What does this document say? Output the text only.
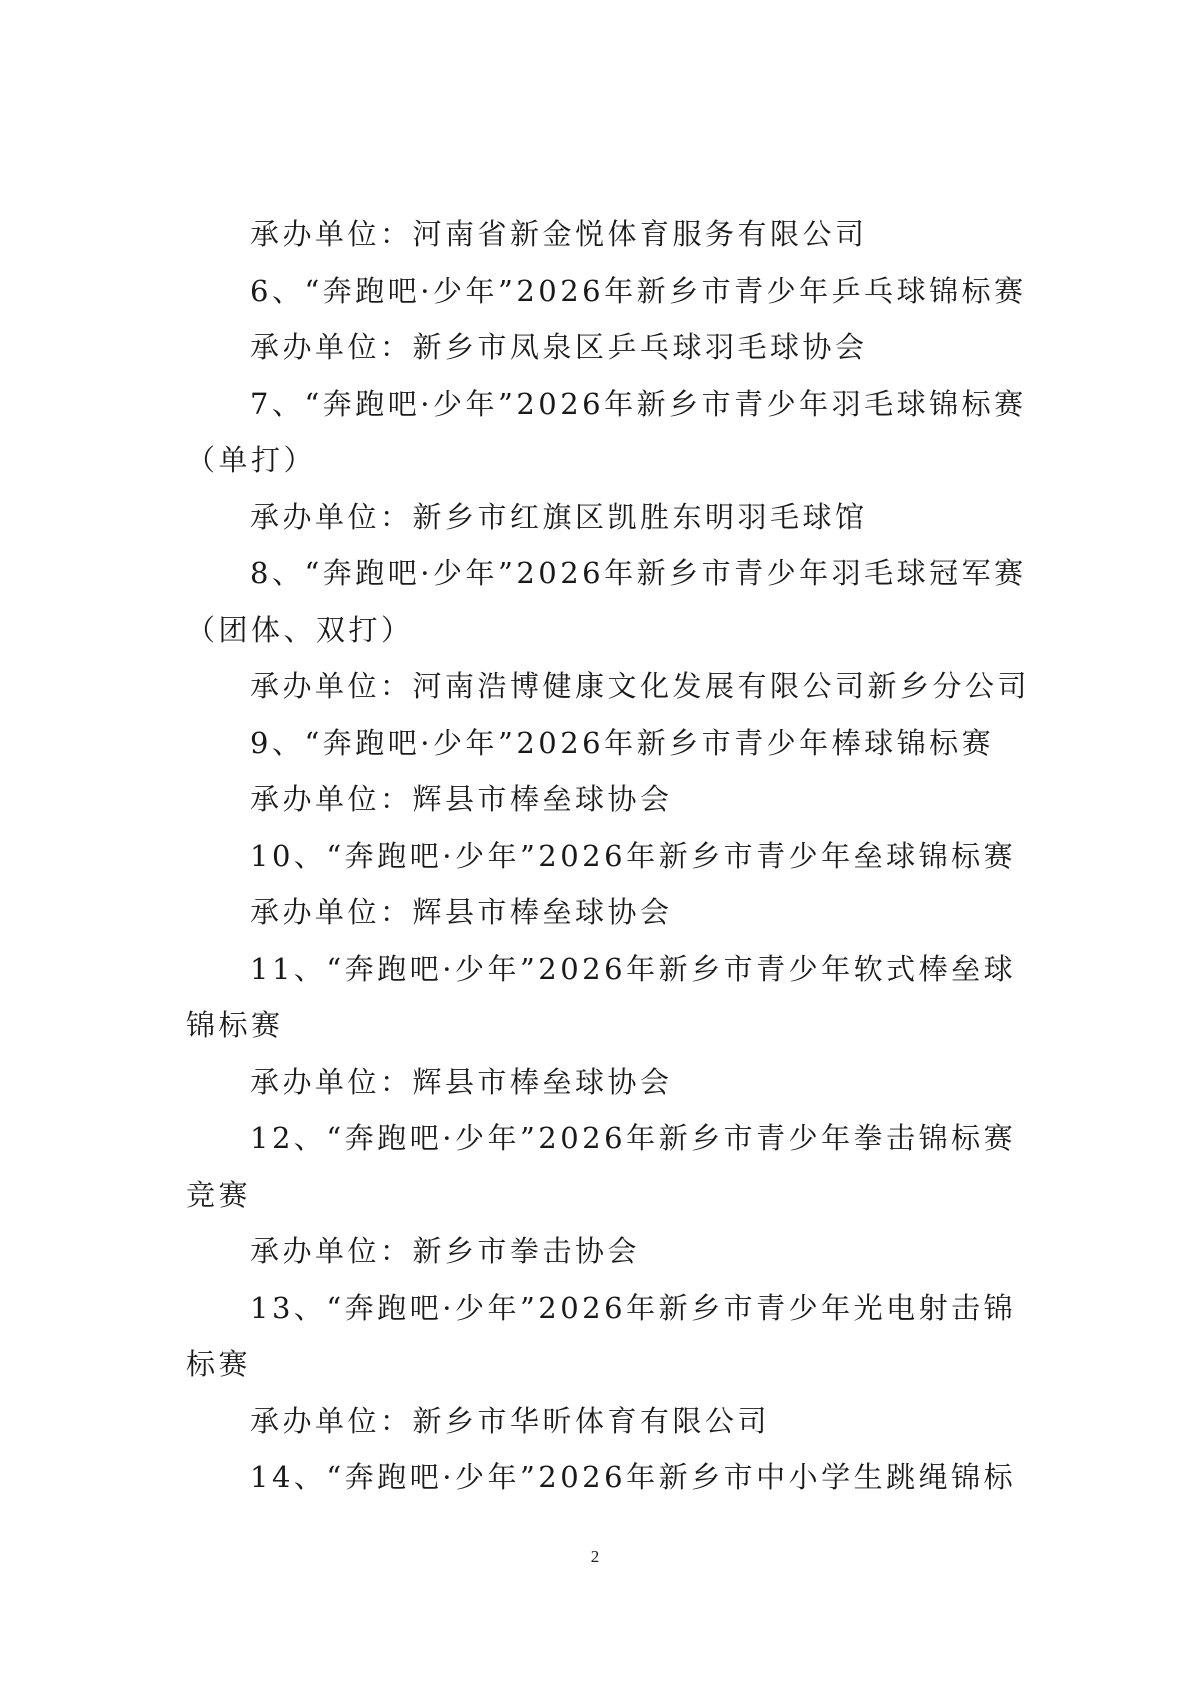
承办单位：河南省新金悦体育服务有限公司
6、“奔跑吧·少年”2026年新乡市青少年乒乓球锦标赛
承办单位：新乡市凤泉区乒乓球羽毛球协会
7、“奔跑吧·少年”2026年新乡市青少年羽毛球锦标赛
（单打）
承办单位：新乡市红旗区凯胜东明羽毛球馆
8、“奔跑吧·少年”2026年新乡市青少年羽毛球冠军赛
（团体、双打）
承办单位：河南浩博健康文化发展有限公司新乡分公司
9、“奔跑吧·少年”2026年新乡市青少年棒球锦标赛
承办单位：辉县市棒垒球协会
10、“奔跑吧·少年”2026年新乡市青少年垒球锦标赛
承办单位：辉县市棒垒球协会
11、“奔跑吧·少年”2026年新乡市青少年软式棒垒球
锦标赛
承办单位：辉县市棒垒球协会
12、“奔跑吧·少年”2026年新乡市青少年拳击锦标赛
竞赛
承办单位：新乡市拳击协会
13、“奔跑吧·少年”2026年新乡市青少年光电射击锦
标赛
承办单位：新乡市华昕体育有限公司
14、“奔跑吧·少年”2026年新乡市中小学生跳绳锦标
2
